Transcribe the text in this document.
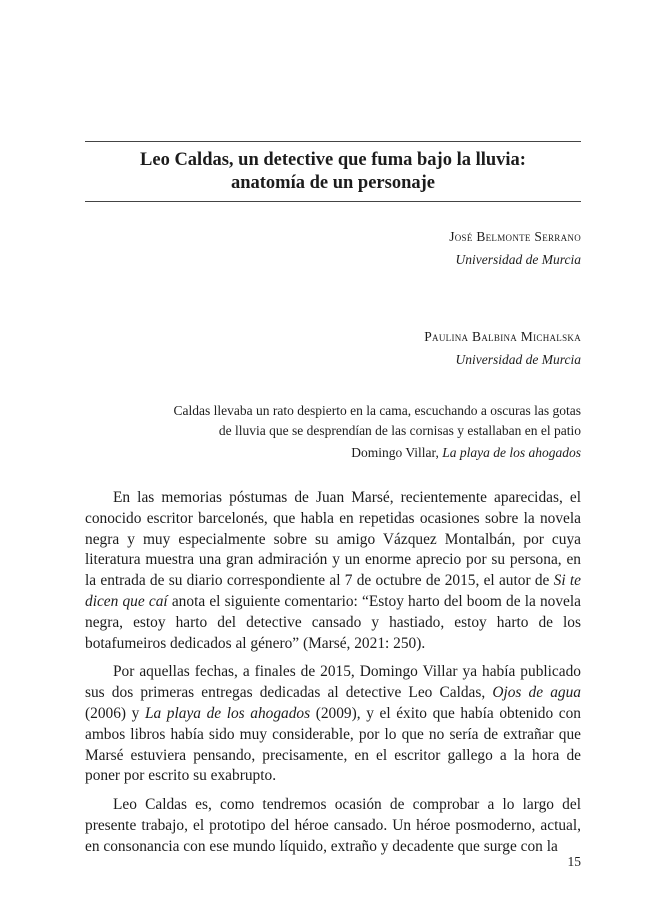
Leo Caldas, un detective que fuma bajo la lluvia:
anatomía de un personaje
José Belmonte Serrano
Universidad de Murcia
Paulina Balbina Michalska
Universidad de Murcia
Caldas llevaba un rato despierto en la cama, escuchando a oscuras las gotas
de lluvia que se desprendían de las cornisas y estallaban en el patio
Domingo Villar, La playa de los ahogados

En las memorias póstumas de Juan Marsé, recientemente aparecidas, el conocido escritor barcelonés, que habla en repetidas ocasiones sobre la novela negra y muy especialmente sobre su amigo Vázquez Montalbán, por cuya literatura muestra una gran admiración y un enorme aprecio por su persona, en la entrada de su diario correspondiente al 7 de octubre de 2015, el autor de Si te dicen que caí anota el siguiente comentario: “Estoy harto del boom de la novela negra, estoy harto del detective cansado y hastiado, estoy harto de los botafumeiros dedicados al género” (Marsé, 2021: 250).

Por aquellas fechas, a finales de 2015, Domingo Villar ya había publicado sus dos primeras entregas dedicadas al detective Leo Caldas, Ojos de agua (2006) y La playa de los ahogados (2009), y el éxito que había obtenido con ambos libros había sido muy considerable, por lo que no sería de extrañar que Marsé estuviera pensando, precisamente, en el escritor gallego a la hora de poner por escrito su exabrupto.

Leo Caldas es, como tendremos ocasión de comprobar a lo largo del presente trabajo, el prototipo del héroe cansado. Un héroe posmoderno, actual, en consonancia con ese mundo líquido, extraño y decadente que surge con la

15
